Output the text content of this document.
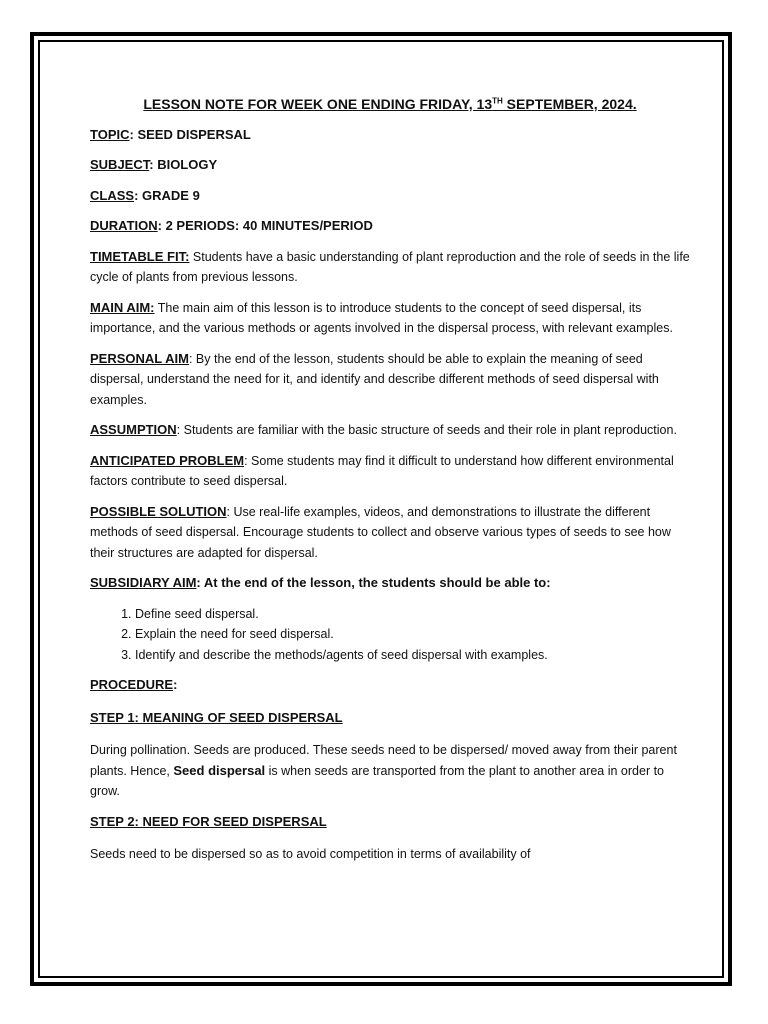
LESSON NOTE FOR WEEK ONE ENDING FRIDAY, 13TH SEPTEMBER, 2024.
TOPIC: SEED DISPERSAL
SUBJECT: BIOLOGY
CLASS: GRADE 9
DURATION: 2 PERIODS: 40 MINUTES/PERIOD

TIMETABLE FIT: Students have a basic understanding of plant reproduction and the role of seeds in the life cycle of plants from previous lessons.

MAIN AIM: The main aim of this lesson is to introduce students to the concept of seed dispersal, its importance, and the various methods or agents involved in the dispersal process, with relevant examples.

PERSONAL AIM: By the end of the lesson, students should be able to explain the meaning of seed dispersal, understand the need for it, and identify and describe different methods of seed dispersal with examples.

ASSUMPTION: Students are familiar with the basic structure of seeds and their role in plant reproduction.

ANTICIPATED PROBLEM: Some students may find it difficult to understand how different environmental factors contribute to seed dispersal.

POSSIBLE SOLUTION: Use real-life examples, videos, and demonstrations to illustrate the different methods of seed dispersal. Encourage students to collect and observe various types of seeds to see how their structures are adapted for dispersal.

SUBSIDIARY AIM: At the end of the lesson, the students should be able to:
1. Define seed dispersal.
2. Explain the need for seed dispersal.
3. Identify and describe the methods/agents of seed dispersal with examples.
PROCEDURE:
STEP 1: MEANING OF SEED DISPERSAL

During pollination. Seeds are produced. These seeds need to be dispersed/ moved away from their parent plants. Hence, Seed dispersal is when seeds are transported from the plant to another area in order to grow.

STEP 2: NEED FOR SEED DISPERSAL

Seeds need to be dispersed so as to avoid competition in terms of availability of
